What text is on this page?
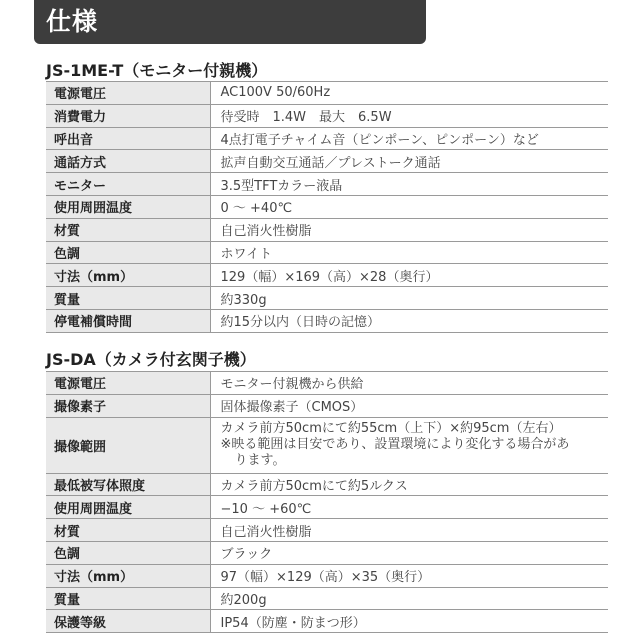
仕様
JS-1ME-T（モニター付親機）
電源電圧	AC100V 50/60Hz
消費電力	待受時　1.4W　最大　6.5W
呼出音	4点打電子チャイム音（ピンポーン、ピンポーン）など
通話方式	拡声自動交互通話／プレストーク通話
モニター	3.5型TFTカラー液晶
使用周囲温度	0 ～ +40℃
材質	自己消火性樹脂
色調	ホワイト
寸法（mm）	129（幅）×169（高）×28（奥行）
質量	約330g
停電補償時間	約15分以内（日時の記憶）
JS-DA（カメラ付玄関子機）
電源電圧	モニター付親機から供給
撮像素子	固体撮像素子（CMOS）
撮像範囲	カメラ前方50cmにて約55cm（上下）×約95cm（左右）
※映る範囲は目安であり、設置環境により変化する場合があ
ります。

最低被写体照度	カメラ前方50cmにて約5ルクス
使用周囲温度	−10 ～ +60℃
材質	自己消火性樹脂
色調	ブラック
寸法（mm）	97（幅）×129（高）×35（奥行）
質量	約200g
保護等級	IP54（防塵・防まつ形）
